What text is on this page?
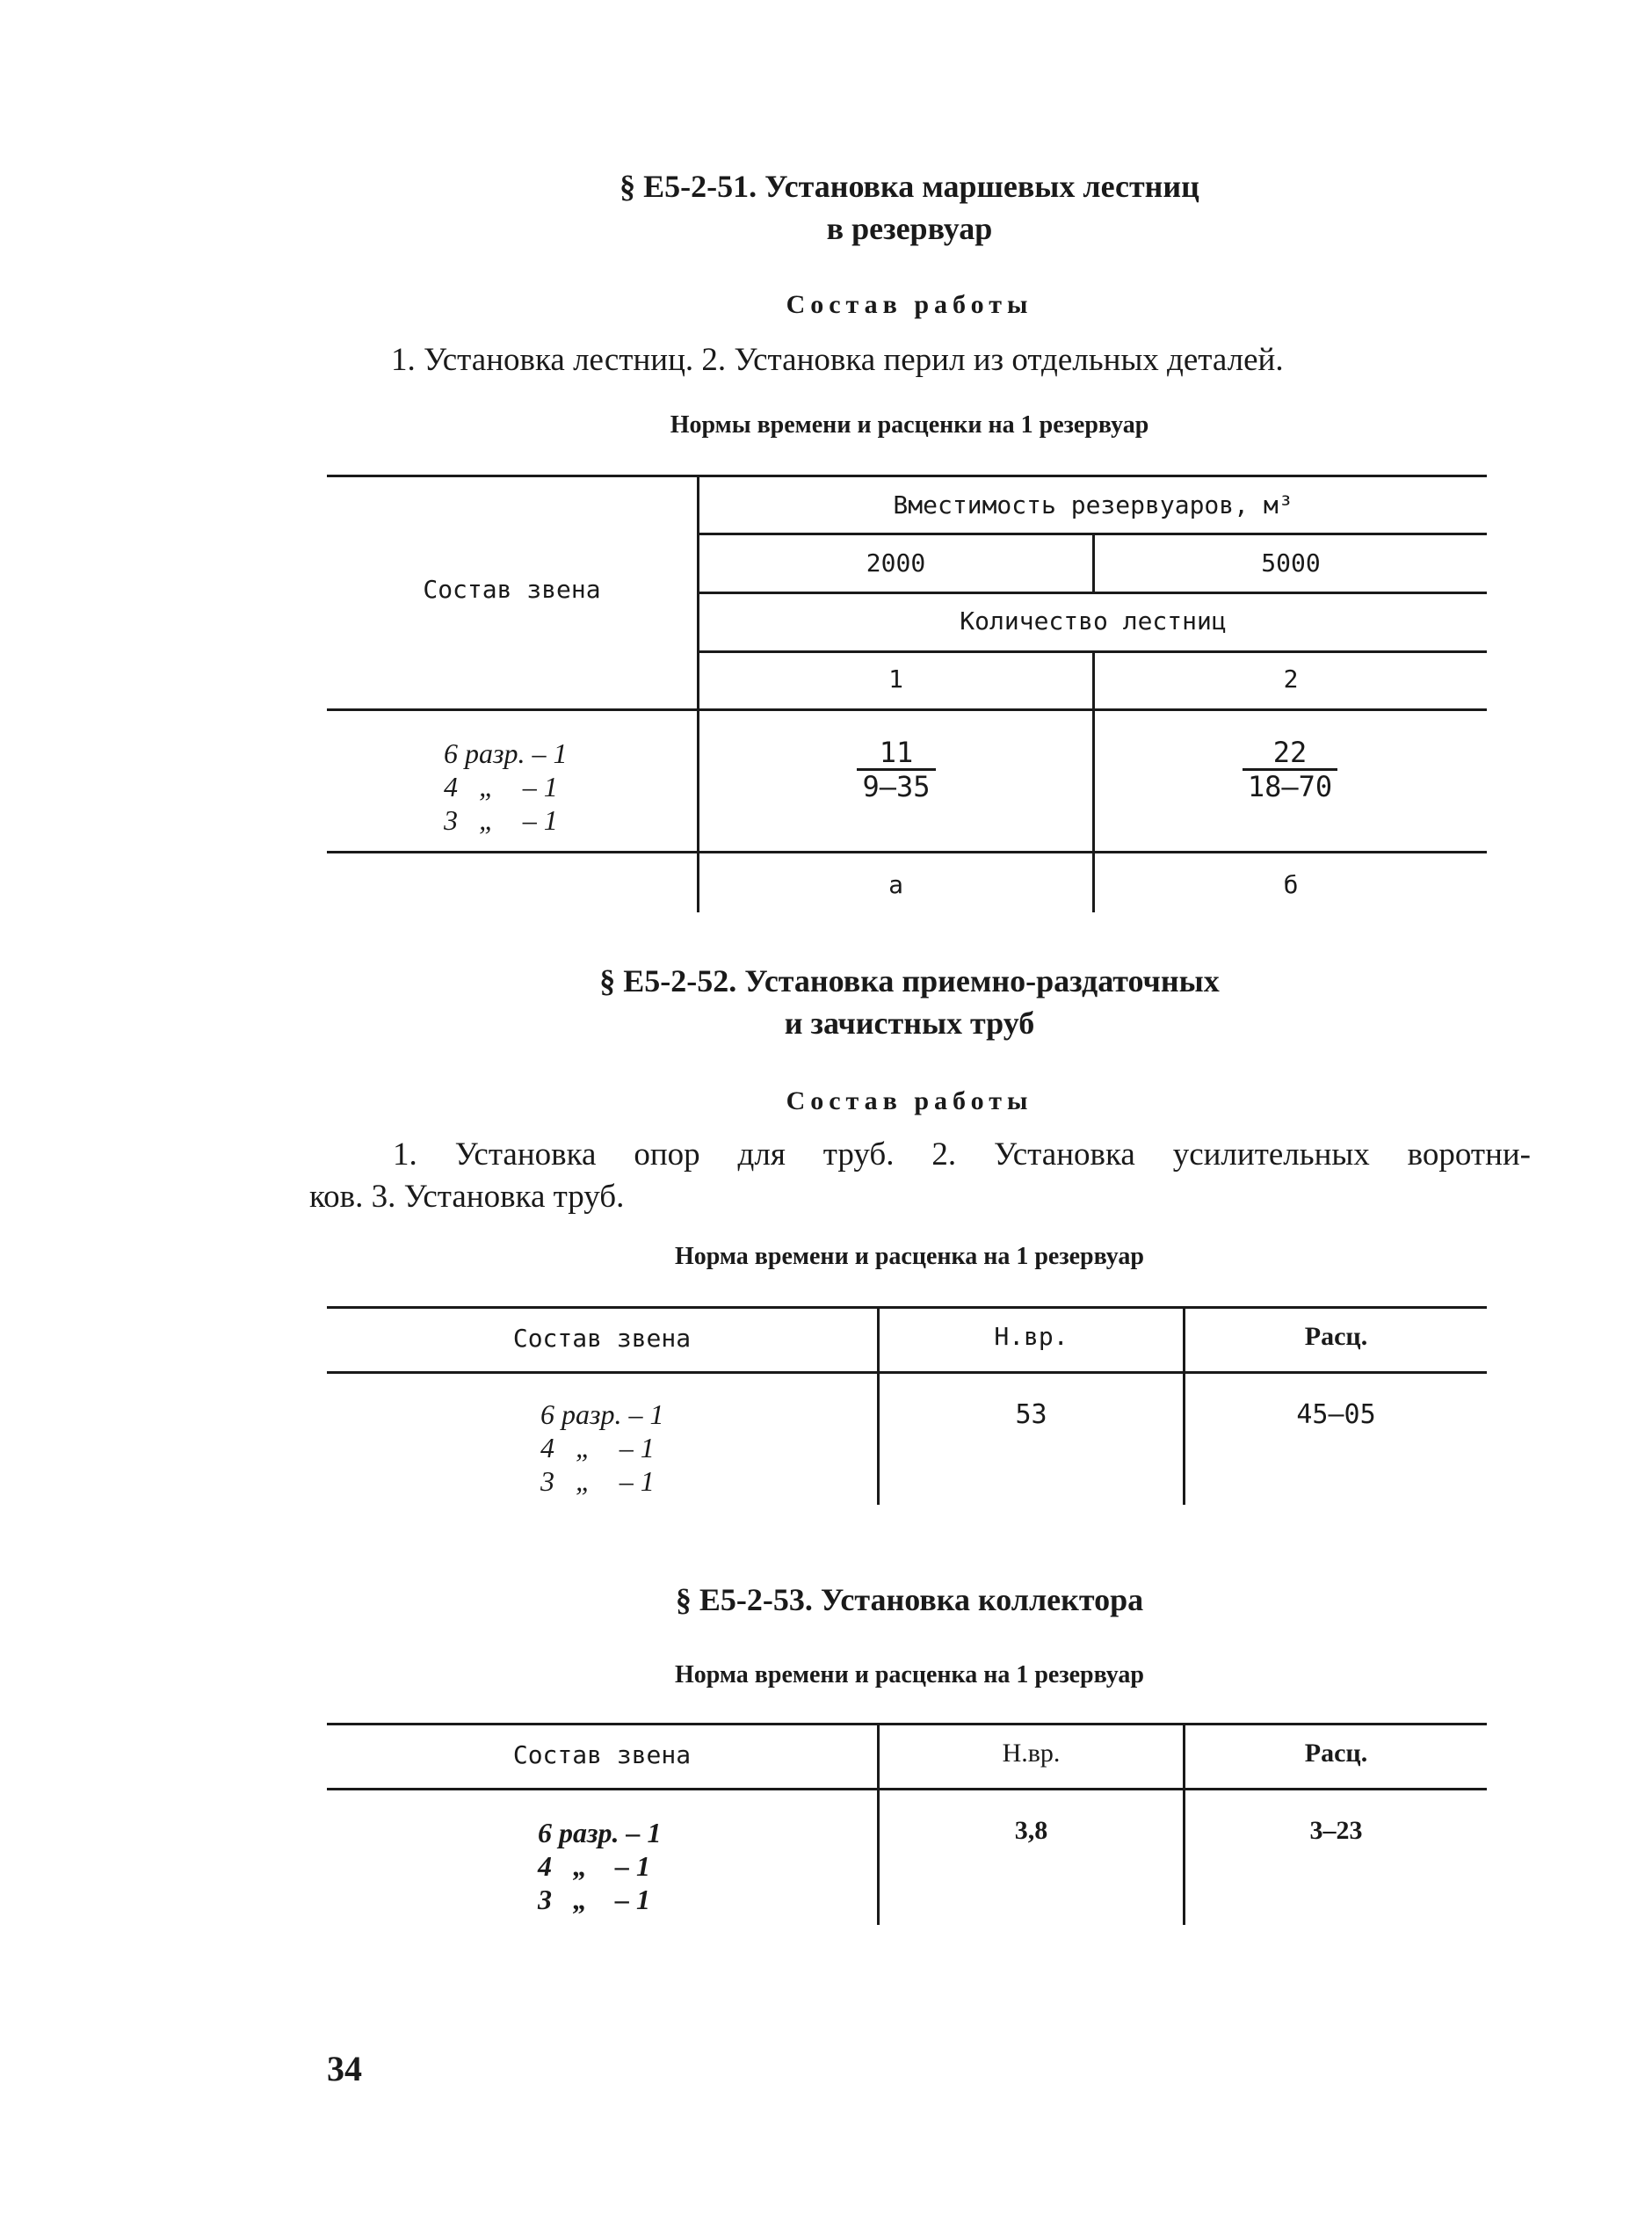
§ Е5-2-51. Установка маршевых лестниц
в резервуар
Состав работы
1. Установка лестниц. 2. Установка перил из отдельных деталей.
Нормы времени и расценки на 1 резервуар
Состав звена
Вместимость резервуаров, м³
2000	5000
Количество лестниц
1	2
6 разр. – 1
4   „    – 1
3   „    – 1
$\frac{11}{9-35}$	$\frac{22}{18-70}$
а	б
§ Е5-2-52. Установка приемно-раздаточных
и зачистных труб
Состав работы
1. Установка опор для труб. 2. Установка усилительных воротни-
ков. 3. Установка труб.
Норма времени и расценка на 1 резервуар
Состав звена	Н.вр.	Расц.
6 разр. – 1
4   „    – 1
3   „    – 1
53	45–05
§ Е5-2-53. Установка коллектора
Норма времени и расценка на 1 резервуар
Состав звена	Н.вр.	Расц.
6 разр. – 1
4   „    – 1
3   „    – 1
3,8	3–23
34
